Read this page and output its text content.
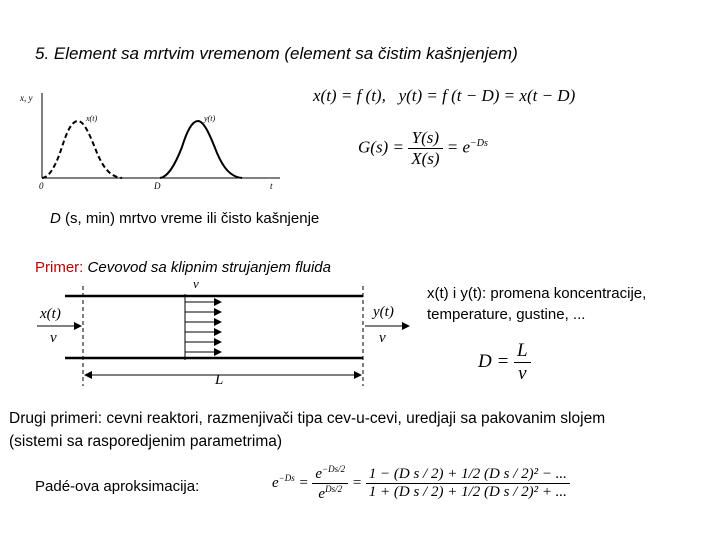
5. Element sa mrtvim vremenom (element sa čistim kašnjenjem)
x, y
x(t)	y(t)
0	D	t
x(t) = f (t), y(t) = f (t − D) = x(t − D)
$G(s) = \frac{Y(s)}{X(s)} = e^{-Ds}$
D (s, min) mrtvo vreme ili čisto kašnjenje
Primer: Cevovod sa klipnim strujanjem fluida
v
x(t)
v
y(t)
v
L
x(t) i y(t): promena koncentracije,
temperature, gustine, ...
$D = \frac{L}{v}$
Drugi primeri: cevni reaktori, razmenjivači tipa cev-u-cevi, uredjaji sa pakovanim slojem
(sistemi sa rasporedjenim parametrima)
Padé-ova aproksimacija:	$e^{-Ds} = \frac{e^{-Ds/2}}{e^{Ds/2}} = \frac{\text{1 − (D s / 2) + 1/2 (D s / 2)² − ...}}{\text{1 + (D s / 2) + 1/2 (D s / 2)² + ...}}$
